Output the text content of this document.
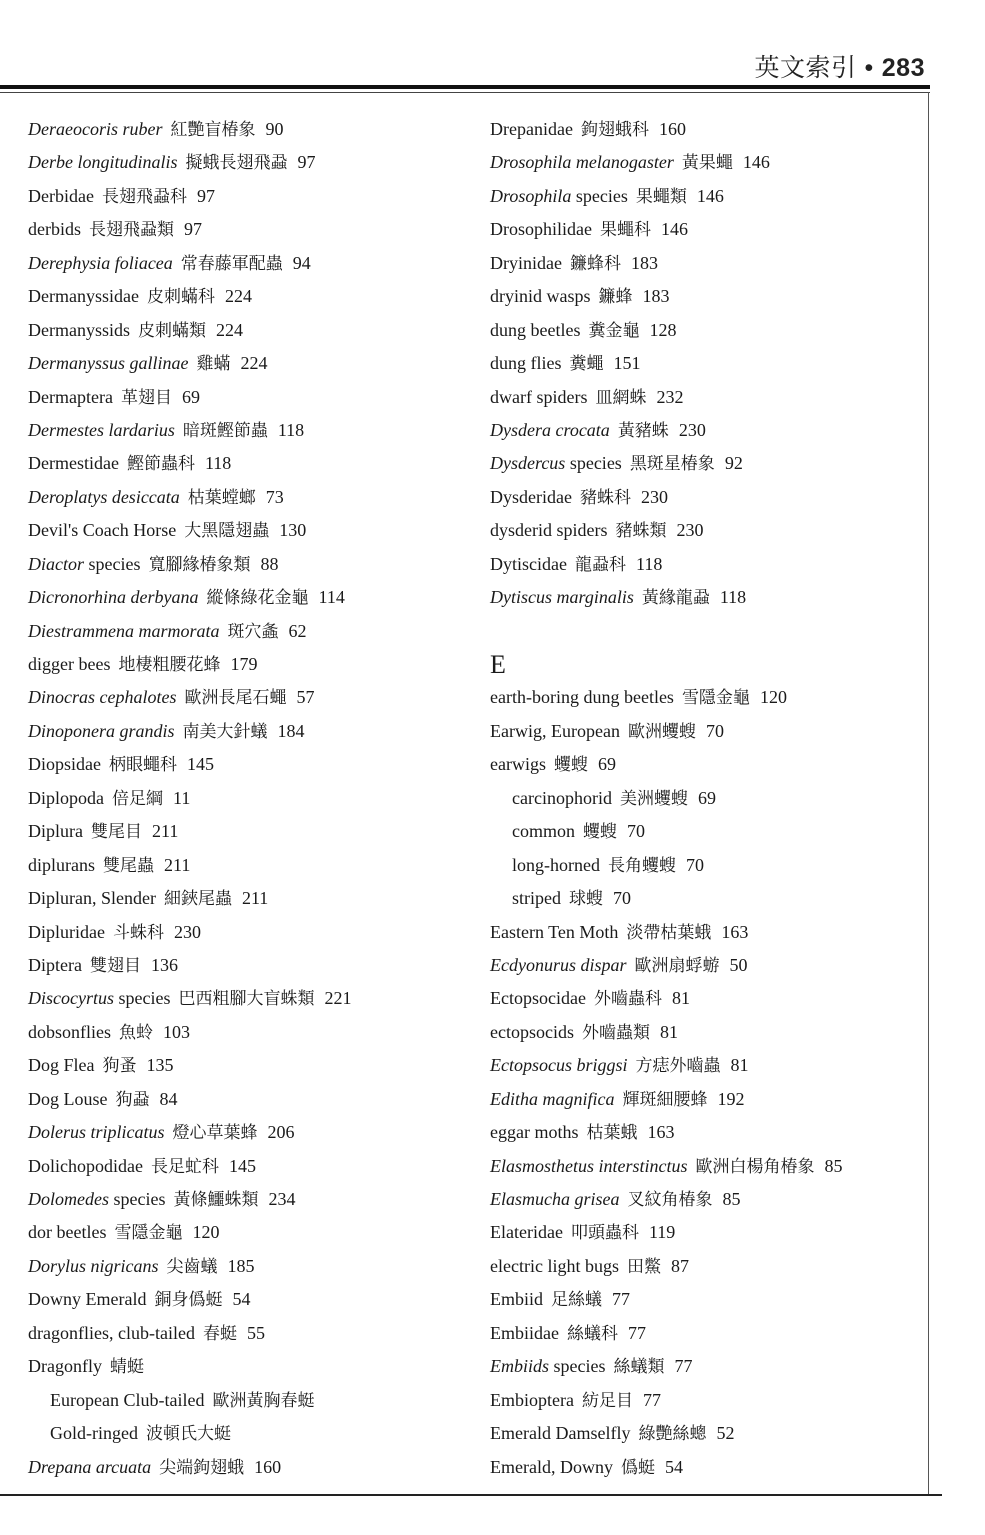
英文索引 • 283
Deraeocoris ruber 紅艷盲椿象 90
Derbe longitudinalis 擬蛾長翅飛蝨 97
Derbidae 長翅飛蝨科 97
derbids 長翅飛蝨類 97
Derephysia foliacea 常春藤軍配蟲 94
Dermanyssidae 皮刺蟎科 224
Dermanyssids 皮刺蟎類 224
Dermanyssus gallinae 雞蟎 224
Dermaptera 革翅目 69
Dermestes lardarius 暗斑鰹節蟲 118
Dermestidae 鰹節蟲科 118
Deroplatys desiccata 枯葉螳螂 73
Devil's Coach Horse 大黑隱翅蟲 130
Diactor species 寬腳緣椿象類 88
Dicronorhina derbyana 縱條綠花金龜 114
Diestrammena marmorata 斑穴螽 62
digger bees 地棲粗腰花蜂 179
Dinocras cephalotes 歐洲長尾石蠅 57
Dinoponera grandis 南美大針蟻 184
Diopsidae 柄眼蠅科 145
Diplopoda 倍足綱 11
Diplura 雙尾目 211
diplurans 雙尾蟲 211
Dipluran, Slender 細鋏尾蟲 211
Dipluridae 斗蛛科 230
Diptera 雙翅目 136
Discocyrtus species 巴西粗腳大盲蛛類 221
dobsonflies 魚蛉 103
Dog Flea 狗蚤 135
Dog Louse 狗蝨 84
Dolerus triplicatus 燈心草葉蜂 206
Dolichopodidae 長足虻科 145
Dolomedes species 黃條鱷蛛類 234
dor beetles 雪隱金龜 120
Dorylus nigricans 尖齒蟻 185
Downy Emerald 銅身僞蜓 54
dragonflies, club-tailed 春蜓 55
Dragonfly 蜻蜓
European Club-tailed 歐洲黃胸春蜓
Gold-ringed 波頓氏大蜓
Drepana arcuata 尖端鉤翅蛾 160
Drepanidae 鉤翅蛾科 160
Drosophila melanogaster 黃果蠅 146
Drosophila species 果蠅類 146
Drosophilidae 果蠅科 146
Dryinidae 鐮蜂科 183
dryinid wasps 鐮蜂 183
dung beetles 糞金龜 128
dung flies 糞蠅 151
dwarf spiders 皿網蛛 232
Dysdera crocata 黃豬蛛 230
Dysdercus species 黑斑星椿象 92
Dysderidae 豬蛛科 230
dysderid spiders 豬蛛類 230
Dytiscidae 龍蝨科 118
Dytiscus marginalis 黃緣龍蝨 118
E
earth-boring dung beetles 雪隱金龜 120
Earwig, European 歐洲蠼螋 70
earwigs 蠼螋 69
carcinophorid 美洲蠼螋 69
common 蠼螋 70
long-horned 長角蠼螋 70
striped 球螋 70
Eastern Ten Moth 淡帶枯葉蛾 163
Ecdyonurus dispar 歐洲扇蜉蝣 50
Ectopsocidae 外嚙蟲科 81
ectopsocids 外嚙蟲類 81
Ectopsocus briggsi 方痣外嚙蟲 81
Editha magnifica 輝斑細腰蜂 192
eggar moths 枯葉蛾 163
Elasmosthetus interstinctus 歐洲白楊角椿象 85
Elasmucha grisea 叉紋角椿象 85
Elateridae 叩頭蟲科 119
electric light bugs 田鱉 87
Embiid 足絲蟻 77
Embiidae 絲蟻科 77
Embiids species 絲蟻類 77
Embioptera 紡足目 77
Emerald Damselfly 綠艷絲蟌 52
Emerald, Downy 僞蜓 54
